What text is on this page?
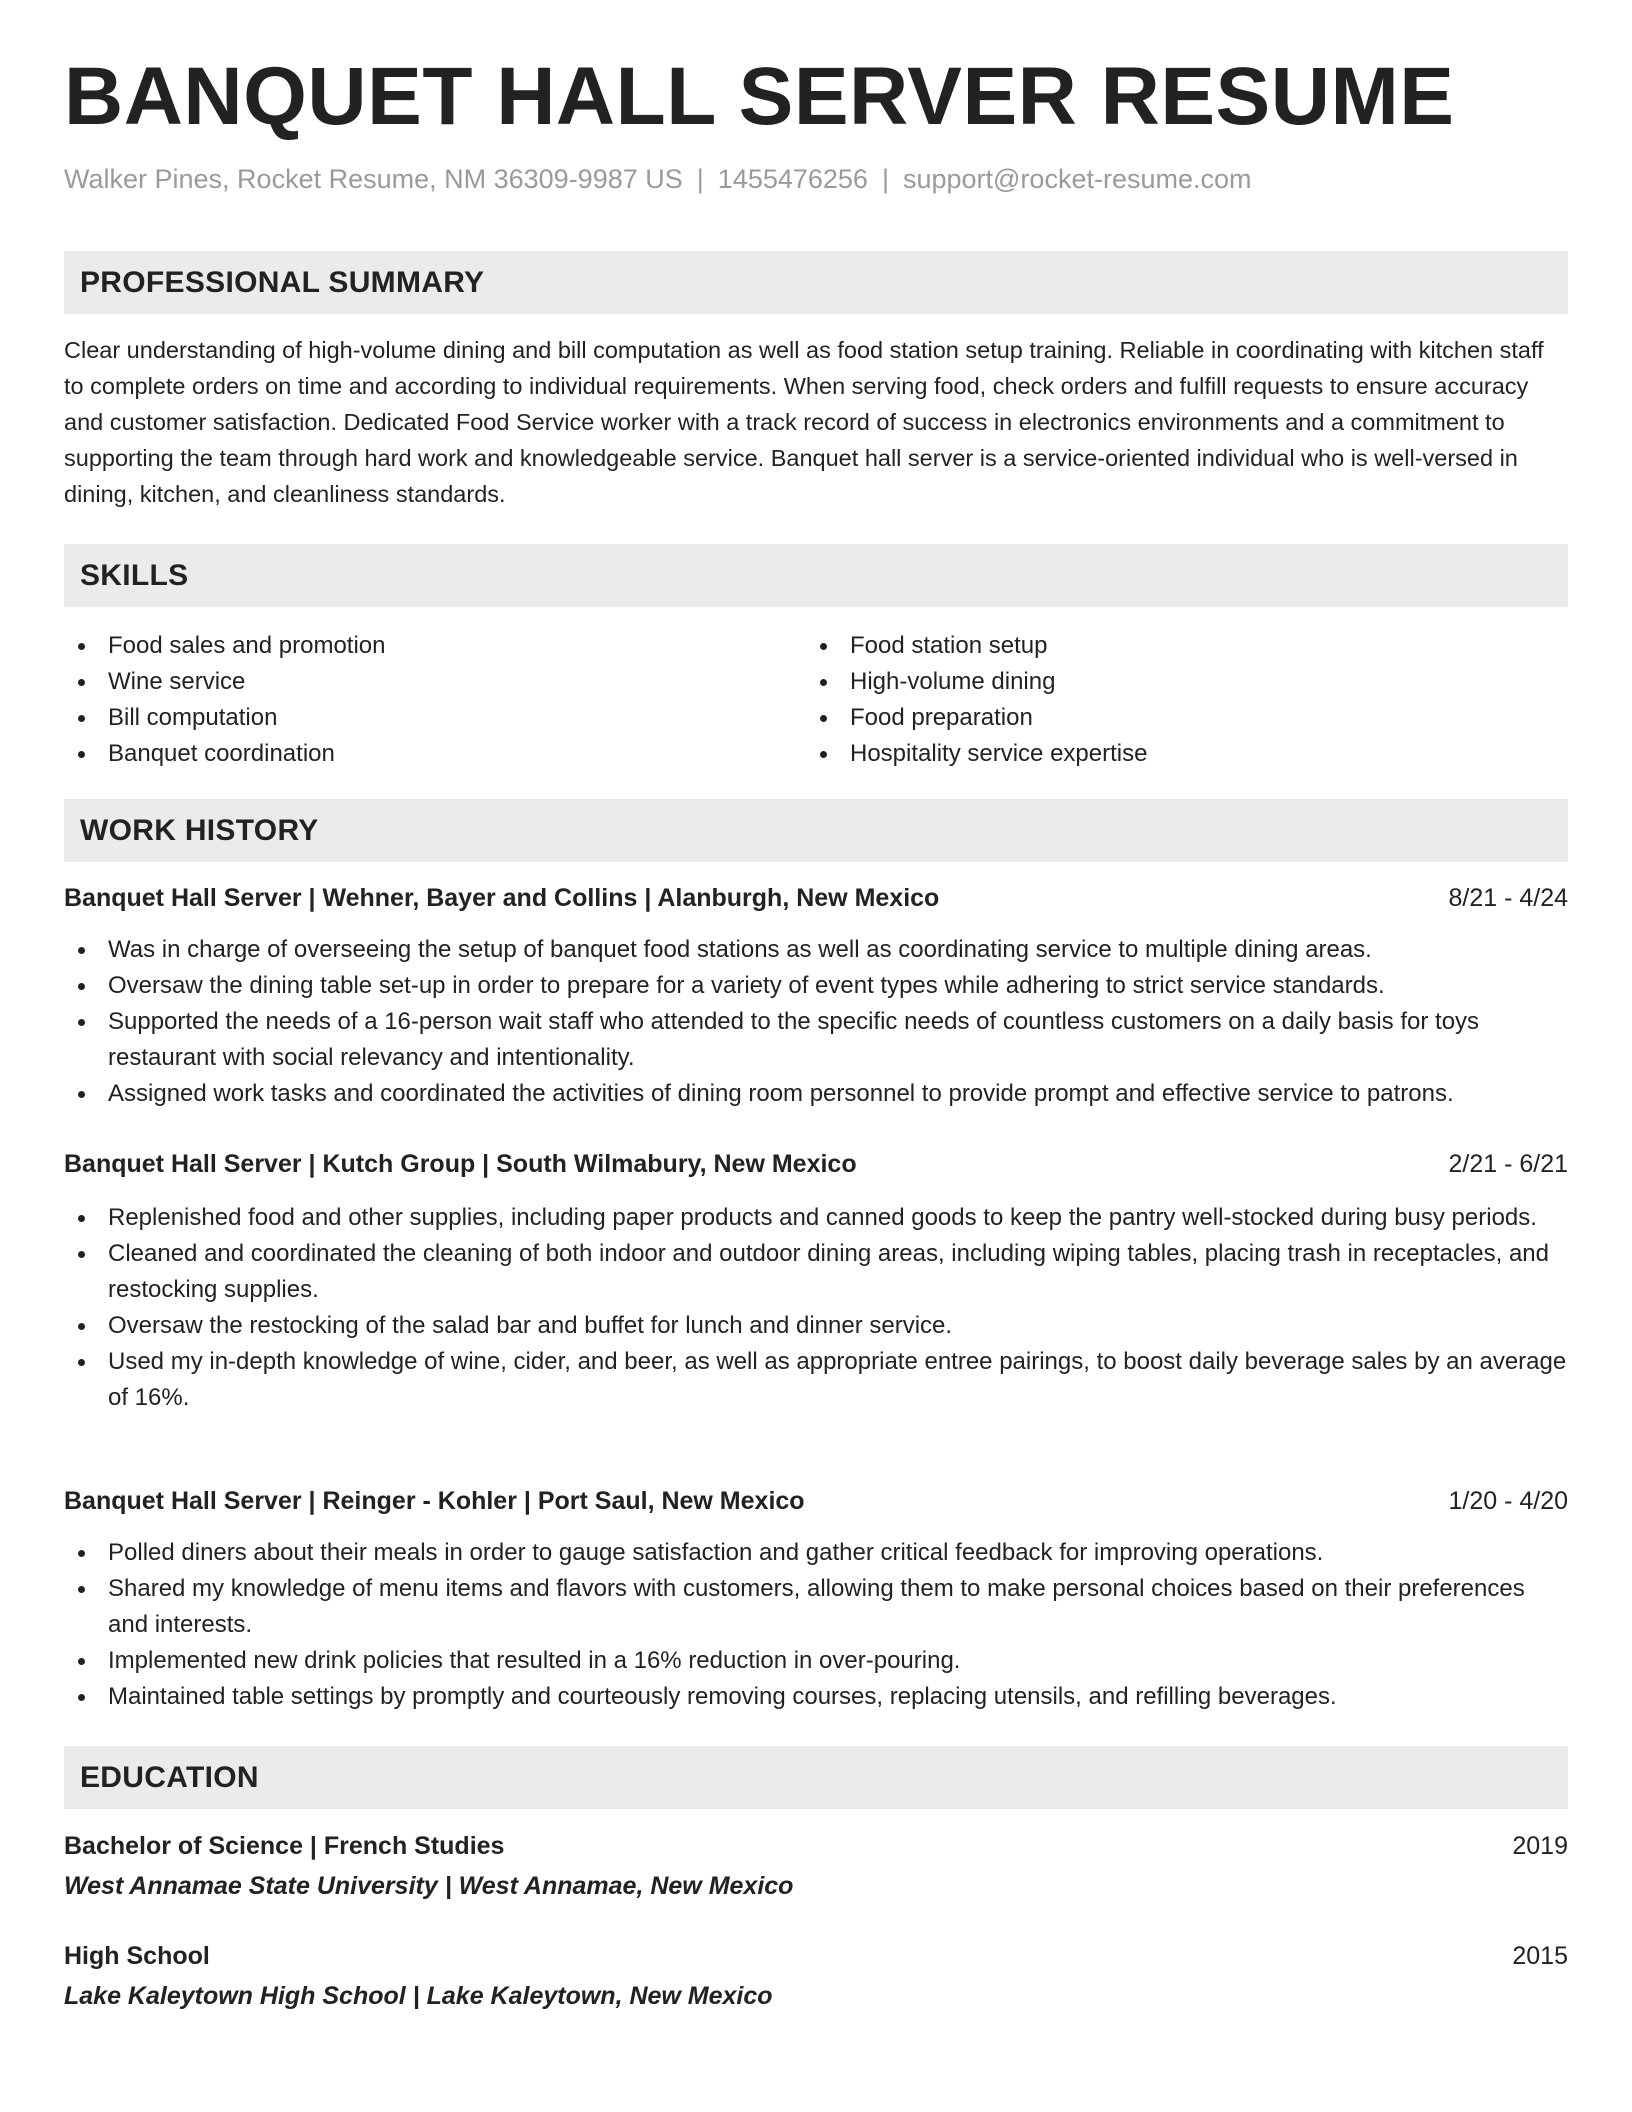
BANQUET HALL SERVER RESUME
Walker Pines, Rocket Resume, NM 36309-9987 US | 1455476256 | support@rocket-resume.com
PROFESSIONAL SUMMARY

Clear understanding of high-volume dining and bill computation as well as food station setup training. Reliable in coordinating with kitchen staff to complete orders on time and according to individual requirements. When serving food, check orders and fulfill requests to ensure accuracy and customer satisfaction. Dedicated Food Service worker with a track record of success in electronics environments and a commitment to supporting the team through hard work and knowledgeable service. Banquet hall server is a service-oriented individual who is well-versed in dining, kitchen, and cleanliness standards.

SKILLS
Food sales and promotion
Wine service
Bill computation
Banquet coordination
Food station setup
High-volume dining
Food preparation
Hospitality service expertise
WORK HISTORY
Banquet Hall Server | Wehner, Bayer and Collins | Alanburgh, New Mexico	8/21 - 4/24
Was in charge of overseeing the setup of banquet food stations as well as coordinating service to multiple dining areas.
Oversaw the dining table set-up in order to prepare for a variety of event types while adhering to strict service standards.
Supported the needs of a 16-person wait staff who attended to the specific needs of countless customers on a daily basis for toys restaurant with social relevancy and intentionality.
Assigned work tasks and coordinated the activities of dining room personnel to provide prompt and effective service to patrons.
Banquet Hall Server | Kutch Group | South Wilmabury, New Mexico	2/21 - 6/21
Replenished food and other supplies, including paper products and canned goods to keep the pantry well-stocked during busy periods.
Cleaned and coordinated the cleaning of both indoor and outdoor dining areas, including wiping tables, placing trash in receptacles, and restocking supplies.
Oversaw the restocking of the salad bar and buffet for lunch and dinner service.
Used my in-depth knowledge of wine, cider, and beer, as well as appropriate entree pairings, to boost daily beverage sales by an average of 16%.
Banquet Hall Server | Reinger - Kohler | Port Saul, New Mexico	1/20 - 4/20
Polled diners about their meals in order to gauge satisfaction and gather critical feedback for improving operations.
Shared my knowledge of menu items and flavors with customers, allowing them to make personal choices based on their preferences and interests.
Implemented new drink policies that resulted in a 16% reduction in over-pouring.
Maintained table settings by promptly and courteously removing courses, replacing utensils, and refilling beverages.
EDUCATION
Bachelor of Science | French Studies	2019
West Annamae State University | West Annamae, New Mexico
High School	2015
Lake Kaleytown High School | Lake Kaleytown, New Mexico
